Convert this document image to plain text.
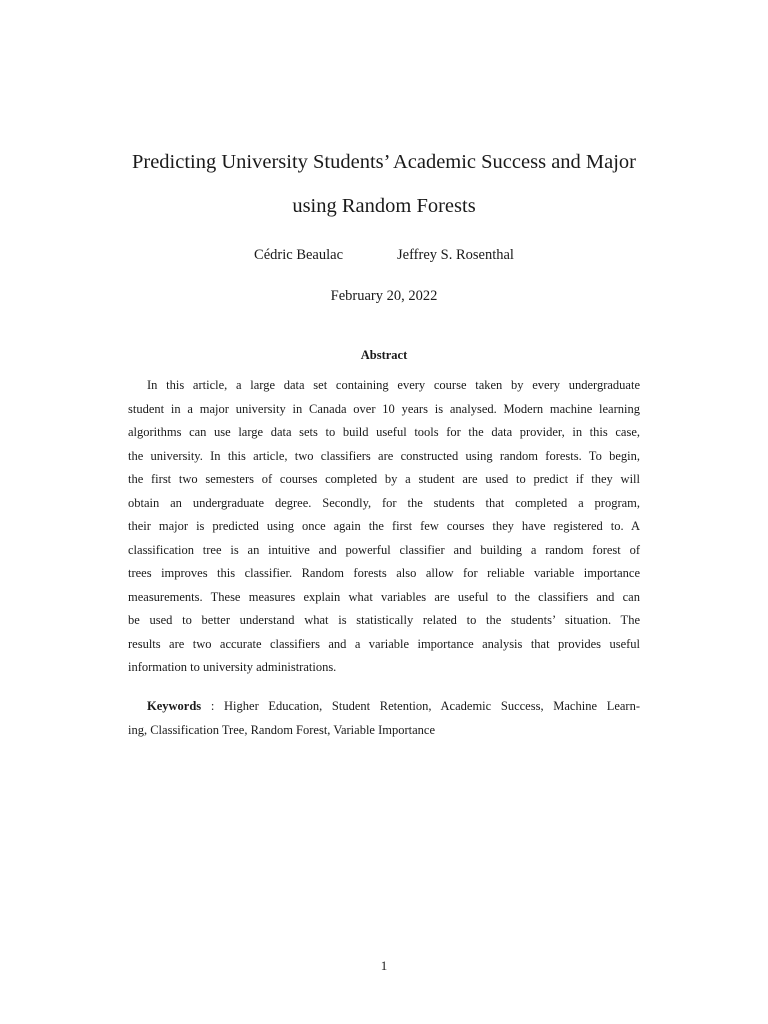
Predicting University Students’ Academic Success and Major
using Random Forests
Cédric Beaulac	Jeffrey S. Rosenthal
February 20, 2022
Abstract
In this article, a large data set containing every course taken by every undergraduate
student in a major university in Canada over 10 years is analysed. Modern machine learning
algorithms can use large data sets to build useful tools for the data provider, in this case,
the university. In this article, two classifiers are constructed using random forests. To begin,
the first two semesters of courses completed by a student are used to predict if they will
obtain an undergraduate degree. Secondly, for the students that completed a program,
their major is predicted using once again the first few courses they have registered to. A
classification tree is an intuitive and powerful classifier and building a random forest of
trees improves this classifier. Random forests also allow for reliable variable importance
measurements. These measures explain what variables are useful to the classifiers and can
be used to better understand what is statistically related to the students’ situation. The
results are two accurate classifiers and a variable importance analysis that provides useful
information to university administrations.
Keywords : Higher Education, Student Retention, Academic Success, Machine Learn-
ing, Classification Tree, Random Forest, Variable Importance
1
